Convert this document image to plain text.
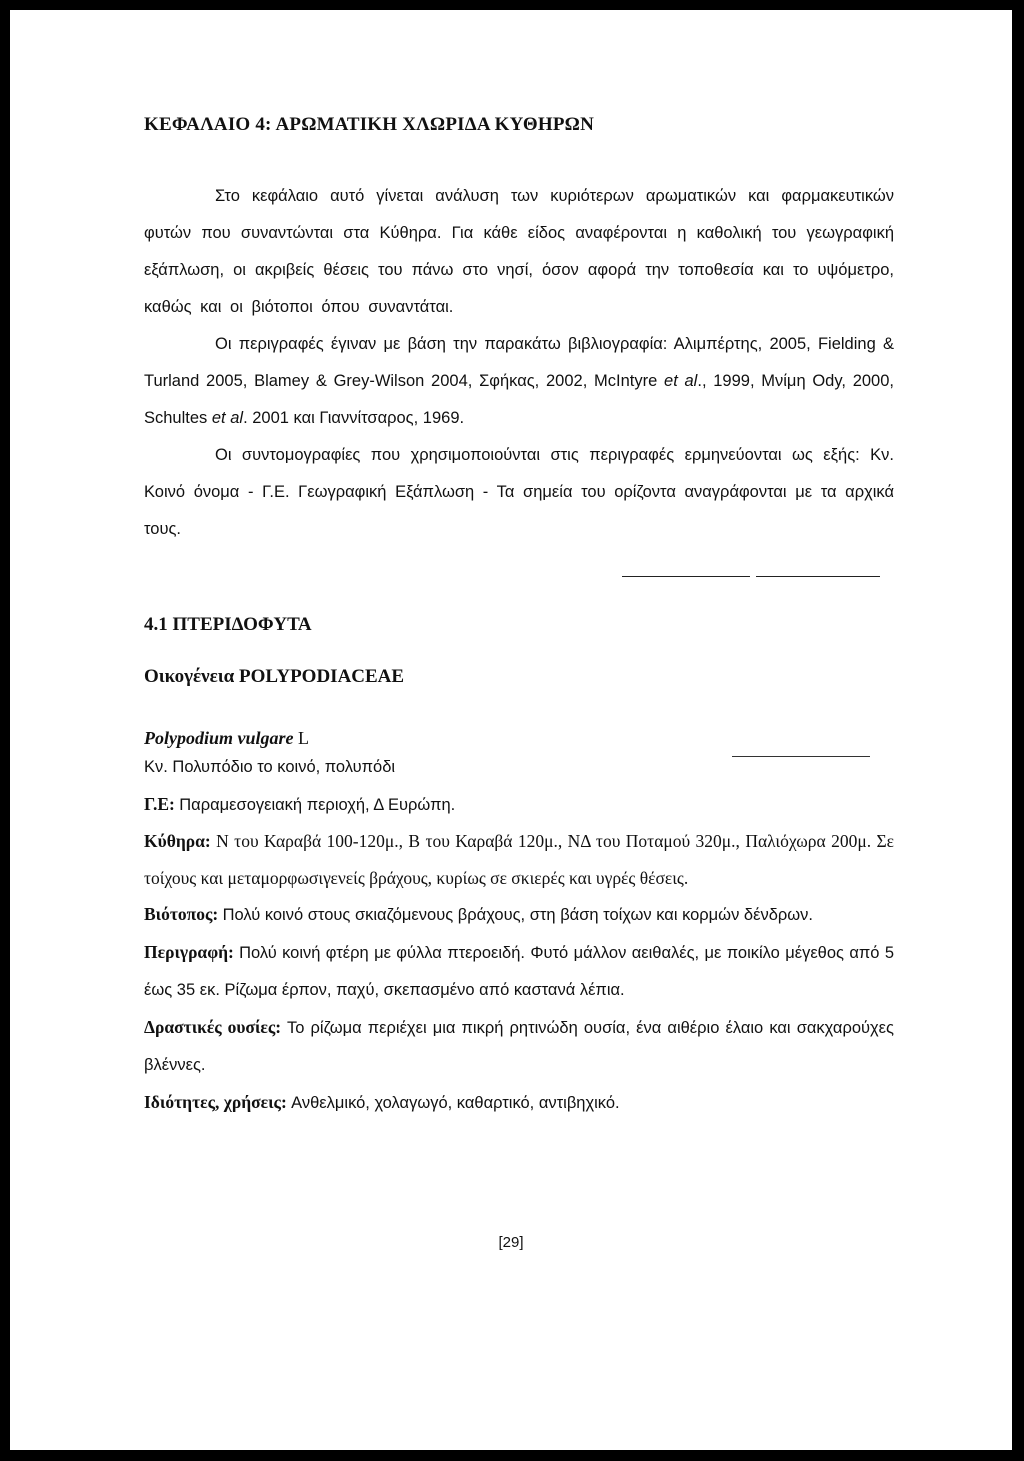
ΚΕΦΑΛΑΙΟ 4: ΑΡΩΜΑΤΙΚΗ ΧΛΩΡΙΔΑ ΚΥΘΗΡΩΝ

Στο κεφάλαιο αυτό γίνεται ανάλυση των κυριότερων αρωματικών και φαρμακευτικών φυτών που συναντώνται στα Κύθηρα. Για κάθε είδος αναφέρονται η καθολική του γεωγραφική εξάπλωση, οι ακριβείς θέσεις του πάνω στο νησί, όσον αφορά την τοποθεσία και το υψόμετρο, καθώς και οι βιότοποι όπου συναντάται.

Οι περιγραφές έγιναν με βάση την παρακάτω βιβλιογραφία: Αλιμπέρτης, 2005, Fielding & Turland 2005, Blamey & Grey-Wilson 2004, Σφήκας, 2002, McIntyre et al., 1999, Μνίμη Ody, 2000, Schultes et al. 2001 και Γιαννίτσαρος, 1969.

Οι συντομογραφίες που χρησιμοποιούνται στις περιγραφές ερμηνεύονται ως εξής: Κν. Κοινό όνομα - Γ.Ε. Γεωγραφική Εξάπλωση - Τα σημεία του ορίζοντα αναγράφονται με τα αρχικά τους.

4.1 ΠΤΕΡΙΔΟΦΥΤΑ

Οικογένεια POLYPODIACEAE

Polypodium vulgare L

Κν. Πολυπόδιο το κοινό, πολυπόδι

Γ.Ε: Παραμεσογειακή περιοχή, Δ Ευρώπη.

Κύθηρα: Ν του Καραβά 100-120μ., Β του Καραβά 120μ., ΝΔ του Ποταμού 320μ., Παλιόχωρα 200μ. Σε τοίχους και μεταμορφωσιγενείς βράχους, κυρίως σε σκιερές και υγρές θέσεις.

Βιότοπος: Πολύ κοινό στους σκιαζόμενους βράχους, στη βάση τοίχων και κορμών δένδρων.

Περιγραφή: Πολύ κοινή φτέρη με φύλλα πτεροειδή. Φυτό μάλλον αειθαλές, με ποικίλο μέγεθος από 5 έως 35 εκ. Ρίζωμα έρπον, παχύ, σκεπασμένο από καστανά λέπια.

Δραστικές ουσίες: Το ρίζωμα περιέχει μια πικρή ρητινώδη ουσία, ένα αιθέριο έλαιο και σακχαρούχες βλέννες.

Ιδιότητες, χρήσεις: Ανθελμικό, χολαγωγό, καθαρτικό, αντιβηχικό.

[29]
